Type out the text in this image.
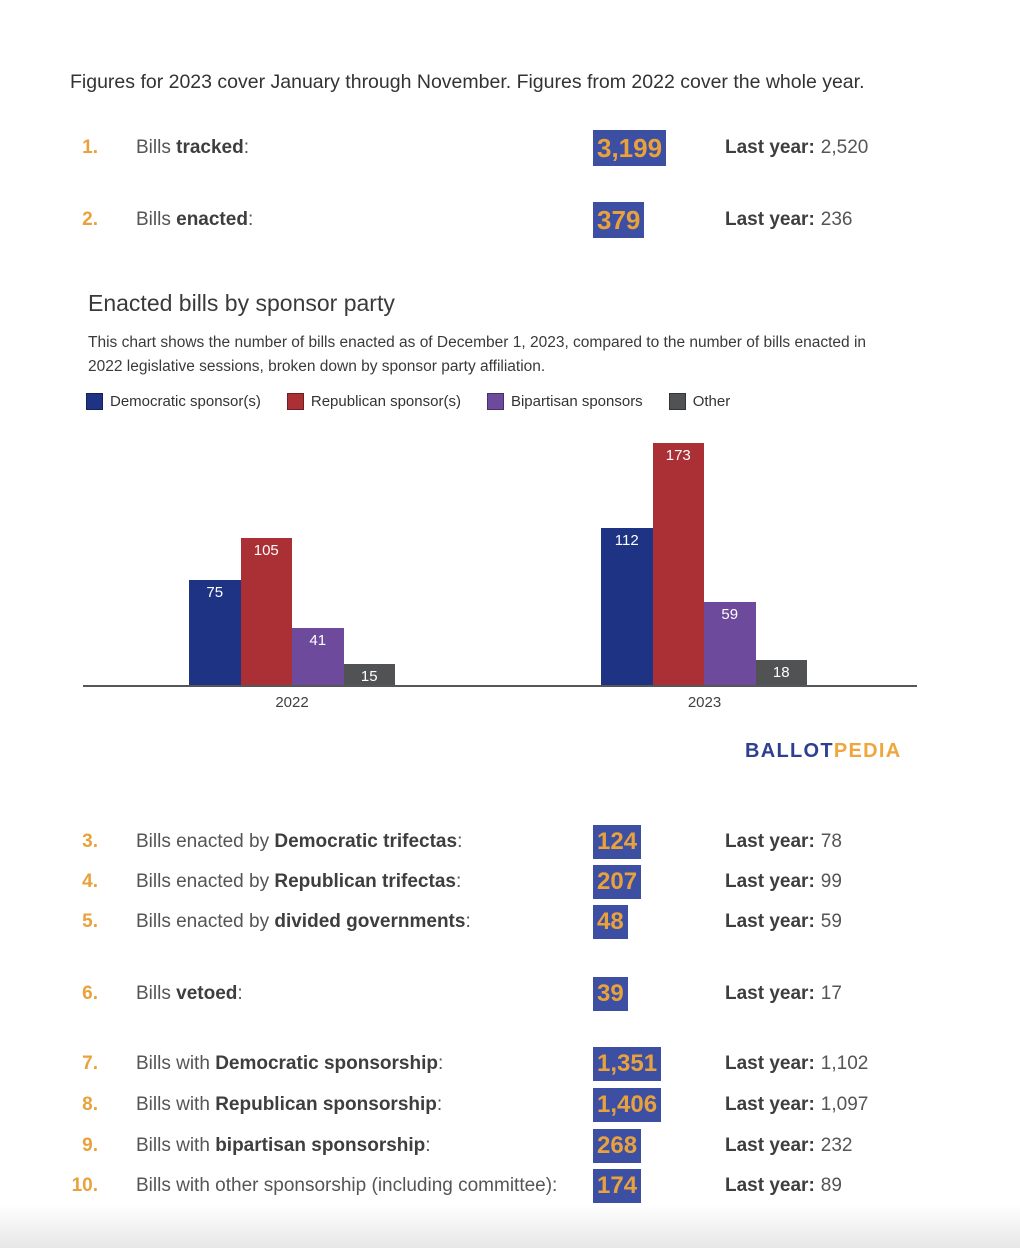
Figures for 2023 cover January through November. Figures from 2022 cover the whole year.

1. Bills tracked:	3,199	Last year: 2,520
2. Bills enacted:	379	Last year: 236
Enacted bills by sponsor party

This chart shows the number of bills enacted as of December 1, 2023, compared to the number of bills enacted in 2022 legislative sessions, broken down by sponsor party affiliation.

Democratic sponsor(s)	Republican sponsor(s)	Bipartisan sponsors	Other
75
105
41
15
112
173
59
18
2022	2023
BALLOTPEDIA
3. Bills enacted by Democratic trifectas:	124	Last year: 78
4. Bills enacted by Republican trifectas:	207	Last year: 99
5. Bills enacted by divided governments:	48	Last year: 59
6. Bills vetoed:	39	Last year: 17
7. Bills with Democratic sponsorship:	1,351	Last year: 1,102
8. Bills with Republican sponsorship:	1,406	Last year: 1,097
9. Bills with bipartisan sponsorship:	268	Last year: 232
10. Bills with other sponsorship (including committee): 174	Last year: 89
